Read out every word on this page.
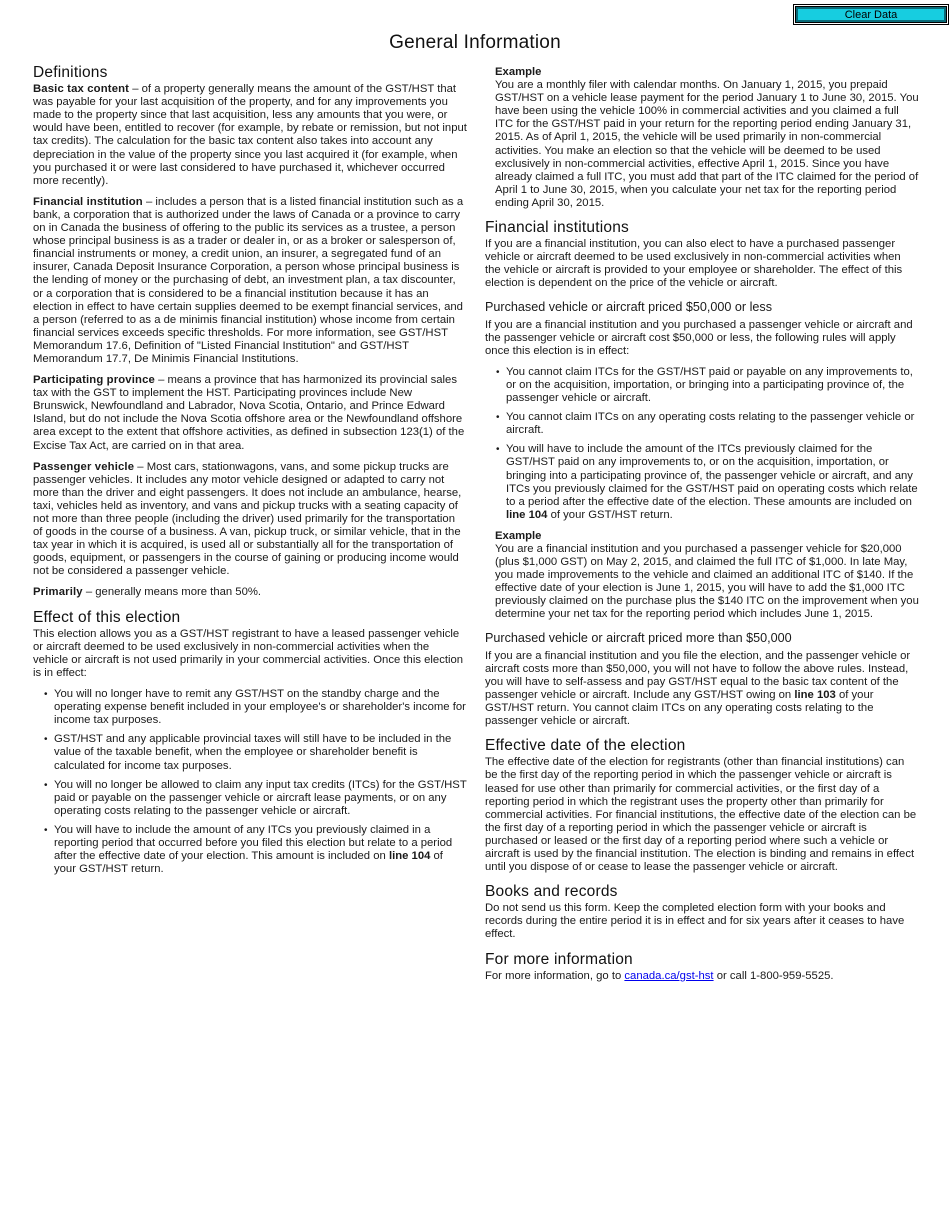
Clear Data
General Information
Definitions

Basic tax content – of a property generally means the amount of the GST/HST that was payable for your last acquisition of the property, and for any improvements you made to the property since that last acquisition, less any amounts that you were, or would have been, entitled to recover (for example, by rebate or remission, but not input tax credits). The calculation for the basic tax content also takes into account any depreciation in the value of the property since you last acquired it (for example, when you purchased it or were last considered to have purchased it, whichever occurred more recently).

Financial institution – includes a person that is a listed financial institution such as a bank, a corporation that is authorized under the laws of Canada or a province to carry on in Canada the business of offering to the public its services as a trustee, a person whose principal business is as a trader or dealer in, or as a broker or salesperson of, financial instruments or money, a credit union, an insurer, a segregated fund of an insurer, Canada Deposit Insurance Corporation, a person whose principal business is the lending of money or the purchasing of debt, an investment plan, a tax discounter, or a corporation that is considered to be a financial institution because it has an election in effect to have certain supplies deemed to be exempt financial services, and a person (referred to as a de minimis financial institution) whose income from certain financial services exceeds specific thresholds. For more information, see GST/HST Memorandum 17.6, Definition of "Listed Financial Institution" and GST/HST Memorandum 17.7, De Minimis Financial Institutions.

Participating province – means a province that has harmonized its provincial sales tax with the GST to implement the HST. Participating provinces include New Brunswick, Newfoundland and Labrador, Nova Scotia, Ontario, and Prince Edward Island, but do not include the Nova Scotia offshore area or the Newfoundland offshore area except to the extent that offshore activities, as defined in subsection 123(1) of the Excise Tax Act, are carried on in that area.

Passenger vehicle – Most cars, stationwagons, vans, and some pickup trucks are passenger vehicles. It includes any motor vehicle designed or adapted to carry not more than the driver and eight passengers. It does not include an ambulance, hearse, taxi, vehicles held as inventory, and vans and pickup trucks with a seating capacity of not more than three people (including the driver) used primarily for the transportation of goods in the course of a business. A van, pickup truck, or similar vehicle, that in the tax year in which it is acquired, is used all or substantially all for the transportation of goods, equipment, or passengers in the course of gaining or producing income would not be considered a passenger vehicle.

Primarily – generally means more than 50%.

Effect of this election

This election allows you as a GST/HST registrant to have a leased passenger vehicle or aircraft deemed to be used exclusively in non-commercial activities when the vehicle or aircraft is not used primarily in your commercial activities. Once this election is in effect:

• You will no longer have to remit any GST/HST on the standby charge and the operating expense benefit included in your employee's or shareholder's income for income tax purposes.
• GST/HST and any applicable provincial taxes will still have to be included in the value of the taxable benefit, when the employee or shareholder benefit is calculated for income tax purposes.
• You will no longer be allowed to claim any input tax credits (ITCs) for the GST/HST paid or payable on the passenger vehicle or aircraft lease payments, or on any operating costs relating to the passenger vehicle or aircraft.
• You will have to include the amount of any ITCs you previously claimed in a reporting period that occurred before you filed this election but relate to a period after the effective date of your election. This amount is included on line 104 of your GST/HST return.
Example
You are a monthly filer with calendar months. On January 1, 2015, you prepaid GST/HST on a vehicle lease payment for the period January 1 to June 30, 2015. You have been using the vehicle 100% in commercial activities and you claimed a full ITC for the GST/HST paid in your return for the reporting period ending January 31, 2015. As of April 1, 2015, the vehicle will be used primarily in non-commercial activities. You make an election so that the vehicle will be deemed to be used exclusively in non-commercial activities, effective April 1, 2015. Since you have already claimed a full ITC, you must add that part of the ITC claimed for the period of April 1 to June 30, 2015, when you calculate your net tax for the reporting period ending April 30, 2015.
Financial institutions

If you are a financial institution, you can also elect to have a purchased passenger vehicle or aircraft deemed to be used exclusively in non-commercial activities when the vehicle or aircraft is provided to your employee or shareholder. The effect of this election is dependent on the price of the vehicle or aircraft.

Purchased vehicle or aircraft priced $50,000 or less

If you are a financial institution and you purchased a passenger vehicle or aircraft and the passenger vehicle or aircraft cost $50,000 or less, the following rules will apply once this election is in effect:

• You cannot claim ITCs for the GST/HST paid or payable on any improvements to, or on the acquisition, importation, or bringing into a participating province of, the passenger vehicle or aircraft.
• You cannot claim ITCs on any operating costs relating to the passenger vehicle or aircraft.
• You will have to include the amount of the ITCs previously claimed for the GST/HST paid on any improvements to, or on the acquisition, importation, or bringing into a participating province of, the passenger vehicle or aircraft, and any ITCs you previously claimed for the GST/HST paid on operating costs which relate to a period after the effective date of the election. These amounts are included on line 104 of your GST/HST return.
Example
You are a financial institution and you purchased a passenger vehicle for $20,000 (plus $1,000 GST) on May 2, 2015, and claimed the full ITC of $1,000. In late May, you made improvements to the vehicle and claimed an additional ITC of $140. If the effective date of your election is June 1, 2015, you will have to add the $1,000 ITC previously claimed on the purchase plus the $140 ITC on the improvement when you determine your net tax for the reporting period which includes June 1, 2015.
Purchased vehicle or aircraft priced more than $50,000

If you are a financial institution and you file the election, and the passenger vehicle or aircraft costs more than $50,000, you will not have to follow the above rules. Instead, you will have to self-assess and pay GST/HST equal to the basic tax content of the passenger vehicle or aircraft. Include any GST/HST owing on line 103 of your GST/HST return. You cannot claim ITCs on any operating costs relating to the passenger vehicle or aircraft.

Effective date of the election

The effective date of the election for registrants (other than financial institutions) can be the first day of the reporting period in which the passenger vehicle or aircraft is leased for use other than primarily for commercial activities, or the first day of a reporting period in which the registrant uses the property other than primarily for commercial activities. For financial institutions, the effective date of the election can be the first day of a reporting period in which the passenger vehicle or aircraft is purchased or leased or the first day of a reporting period where such a vehicle or aircraft is used by the financial institution. The election is binding and remains in effect until you dispose of or cease to lease the passenger vehicle or aircraft.

Books and records

Do not send us this form. Keep the completed election form with your books and records during the entire period it is in effect and for six years after it ceases to have effect.

For more information

For more information, go to canada.ca/gst-hst or call 1-800-959-5525.
